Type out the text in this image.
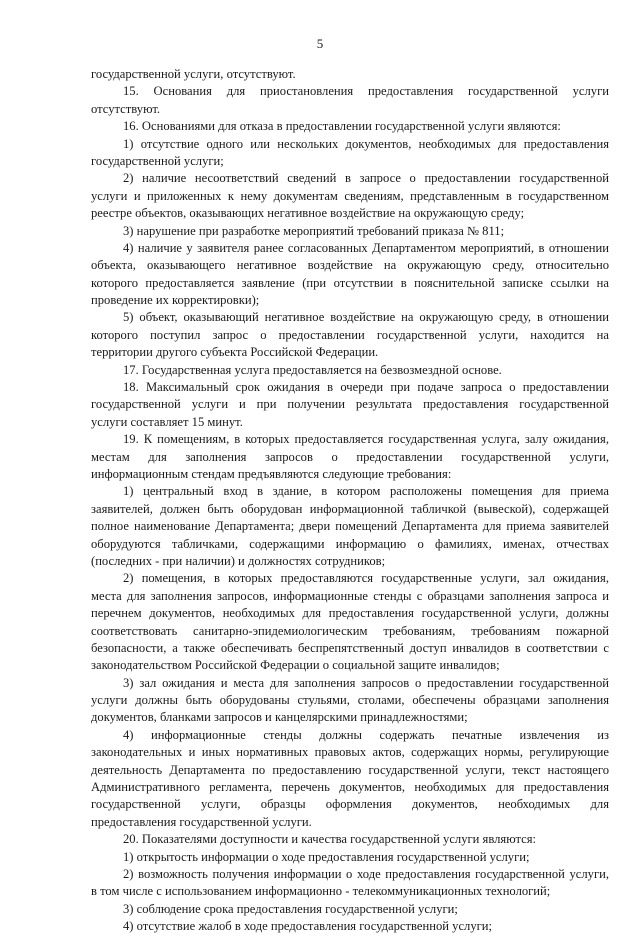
5
государственной услуги, отсутствуют.
15. Основания для приостановления предоставления государственной услуги
отсутствуют.
16. Основаниями для отказа в предоставлении государственной услуги являются:
1) отсутствие одного или нескольких документов, необходимых для предоставления
государственной услуги;
2) наличие несоответствий сведений в запросе о предоставлении государственной
услуги и приложенных к нему документам сведениям, представленным в государственном
реестре объектов, оказывающих негативное воздействие на окружающую среду;
3) нарушение при разработке мероприятий требований приказа № 811;
4) наличие у заявителя ранее согласованных Департаментом мероприятий, в отношении
объекта, оказывающего негативное воздействие на окружающую среду, относительно
которого предоставляется заявление (при отсутствии в пояснительной записке ссылки на
проведение их корректировки);
5) объект, оказывающий негативное воздействие на окружающую среду, в отношении
которого поступил запрос о предоставлении государственной услуги, находится на
территории другого субъекта Российской Федерации.
17. Государственная услуга предоставляется на безвозмездной основе.
18. Максимальный срок ожидания в очереди при подаче запроса о предоставлении
государственной услуги и при получении результата предоставления государственной
услуги составляет 15 минут.
19. К помещениям, в которых предоставляется государственная услуга, залу ожидания,
местам для заполнения запросов о предоставлении государственной услуги,
информационным стендам предъявляются следующие требования:
1) центральный вход в здание, в котором расположены помещения для приема
заявителей, должен быть оборудован информационной табличкой (вывеской), содержащей
полное наименование Департамента; двери помещений Департамента для приема заявителей
оборудуются табличками, содержащими информацию о фамилиях, именах, отчествах
(последних - при наличии) и должностях сотрудников;
2) помещения, в которых предоставляются государственные услуги, зал ожидания,
места для заполнения запросов, информационные стенды с образцами заполнения запроса и
перечнем документов, необходимых для предоставления государственной услуги, должны
соответствовать санитарно-эпидемиологическим требованиям, требованиям пожарной
безопасности, а также обеспечивать беспрепятственный доступ инвалидов в соответствии с
законодательством Российской Федерации о социальной защите инвалидов;
3) зал ожидания и места для заполнения запросов о предоставлении государственной
услуги должны быть оборудованы стульями, столами, обеспечены образцами заполнения
документов, бланками запросов и канцелярскими принадлежностями;
4) информационные стенды должны содержать печатные извлечения из
законодательных и иных нормативных правовых актов, содержащих нормы, регулирующие
деятельность Департамента по предоставлению государственной услуги, текст настоящего
Административного регламента, перечень документов, необходимых для предоставления
государственной услуги, образцы оформления документов, необходимых для
предоставления государственной услуги.
20. Показателями доступности и качества государственной услуги являются:
1) открытость информации о ходе предоставления государственной услуги;
2) возможность получения информации о ходе предоставления государственной услуги,
в том числе с использованием информационно - телекоммуникационных технологий;
3) соблюдение срока предоставления государственной услуги;
4) отсутствие жалоб в ходе предоставления государственной услуги;
